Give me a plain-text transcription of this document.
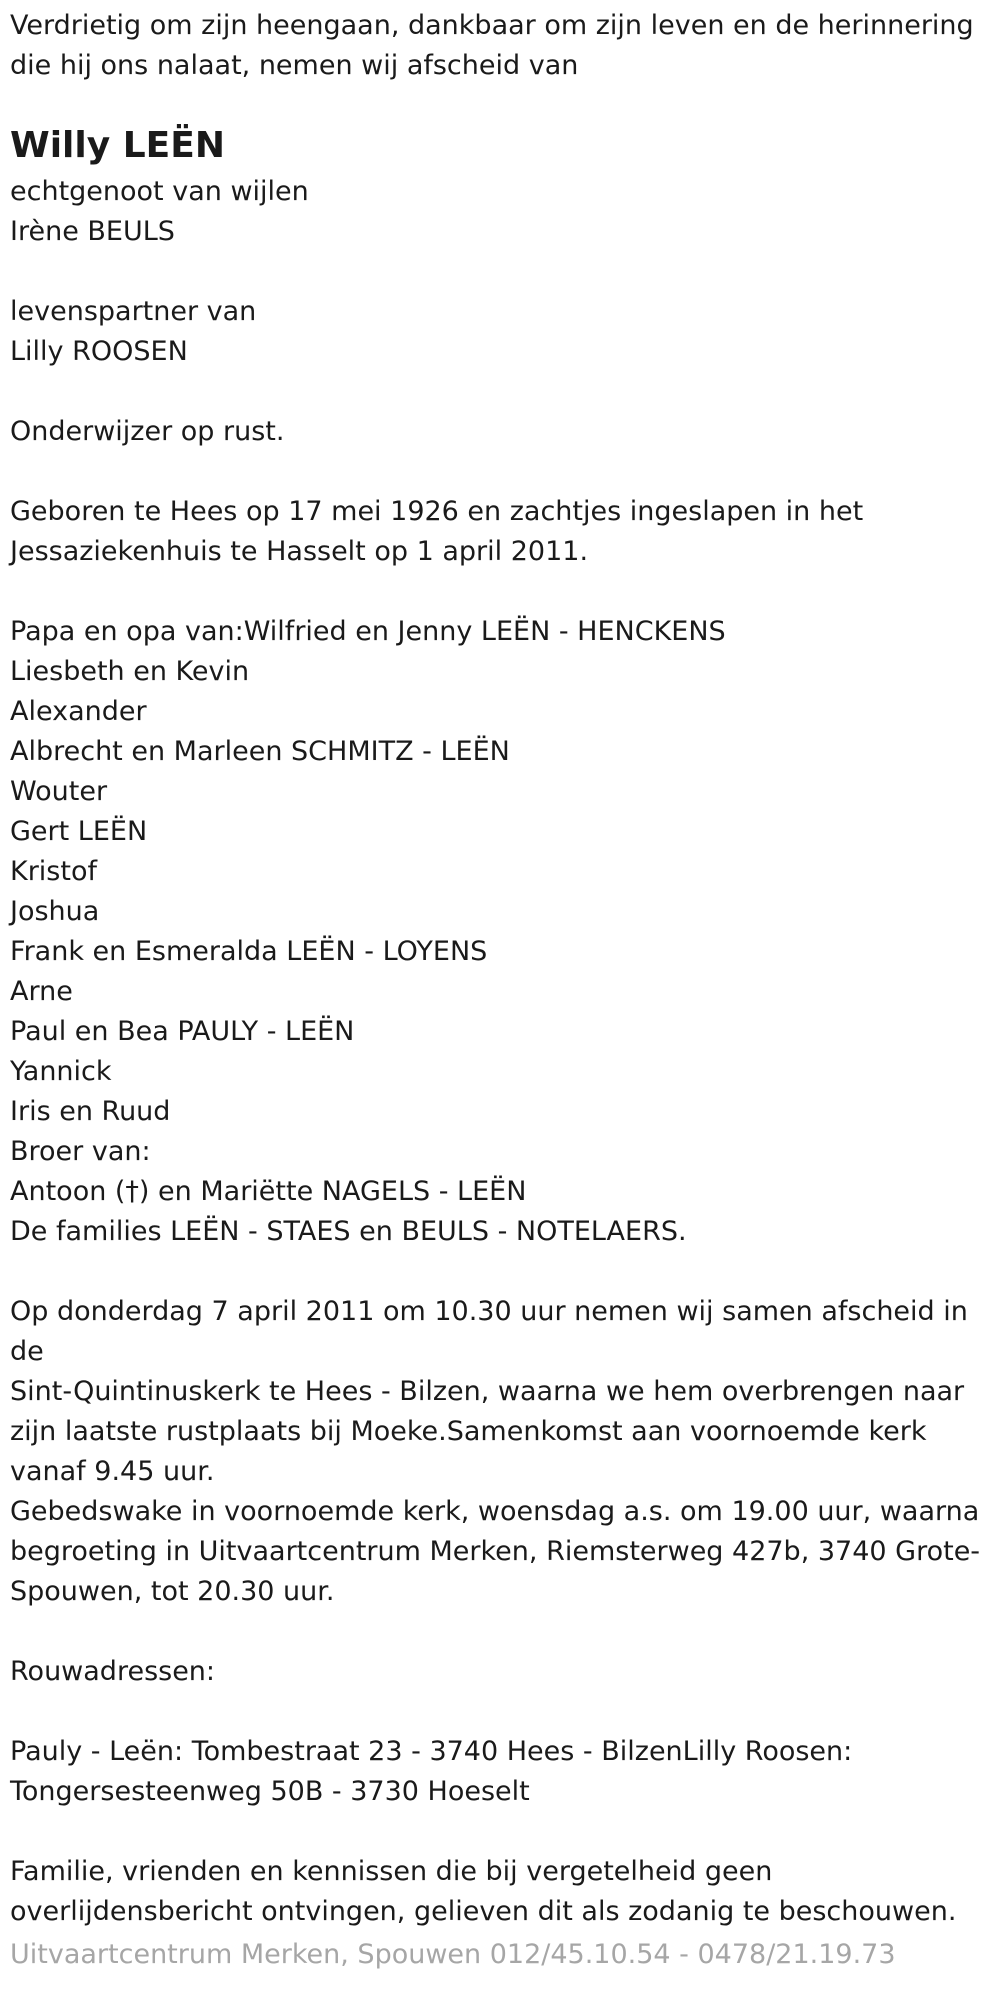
Verdrietig om zijn heengaan, dankbaar om zijn leven en de herinnering
die hij ons nalaat, nemen wij afscheid van
Willy LEËN
echtgenoot van wijlen
Irène BEULS
levenspartner van
Lilly ROOSEN
Onderwijzer op rust.
Geboren te Hees op 17 mei 1926 en zachtjes ingeslapen in het
Jessaziekenhuis te Hasselt op 1 april 2011.
Papa en opa van:Wilfried en Jenny LEËN - HENCKENS
Liesbeth en Kevin
Alexander
Albrecht en Marleen SCHMITZ - LEËN
Wouter
Gert LEËN
Kristof
Joshua
Frank en Esmeralda LEËN - LOYENS
Arne
Paul en Bea PAULY - LEËN
Yannick
Iris en Ruud
Broer van:
Antoon (†) en Mariëtte NAGELS - LEËN
De families LEËN - STAES en BEULS - NOTELAERS.
Op donderdag 7 april 2011 om 10.30 uur nemen wij samen afscheid in de
Sint-Quintinuskerk te Hees - Bilzen, waarna we hem overbrengen naar
zijn laatste rustplaats bij Moeke.Samenkomst aan voornoemde kerk
vanaf 9.45 uur.
Gebedswake in voornoemde kerk, woensdag a.s. om 19.00 uur, waarna
begroeting in Uitvaartcentrum Merken, Riemsterweg 427b, 3740 Grote-
Spouwen, tot 20.30 uur.
Rouwadressen:
Pauly - Leën: Tombestraat 23 - 3740 Hees - BilzenLilly Roosen:
Tongersesteenweg 50B - 3730 Hoeselt
Familie, vrienden en kennissen die bij vergetelheid geen
overlijdensbericht ontvingen, gelieven dit als zodanig te beschouwen.
Uitvaartcentrum Merken, Spouwen 012/45.10.54 - 0478/21.19.73
